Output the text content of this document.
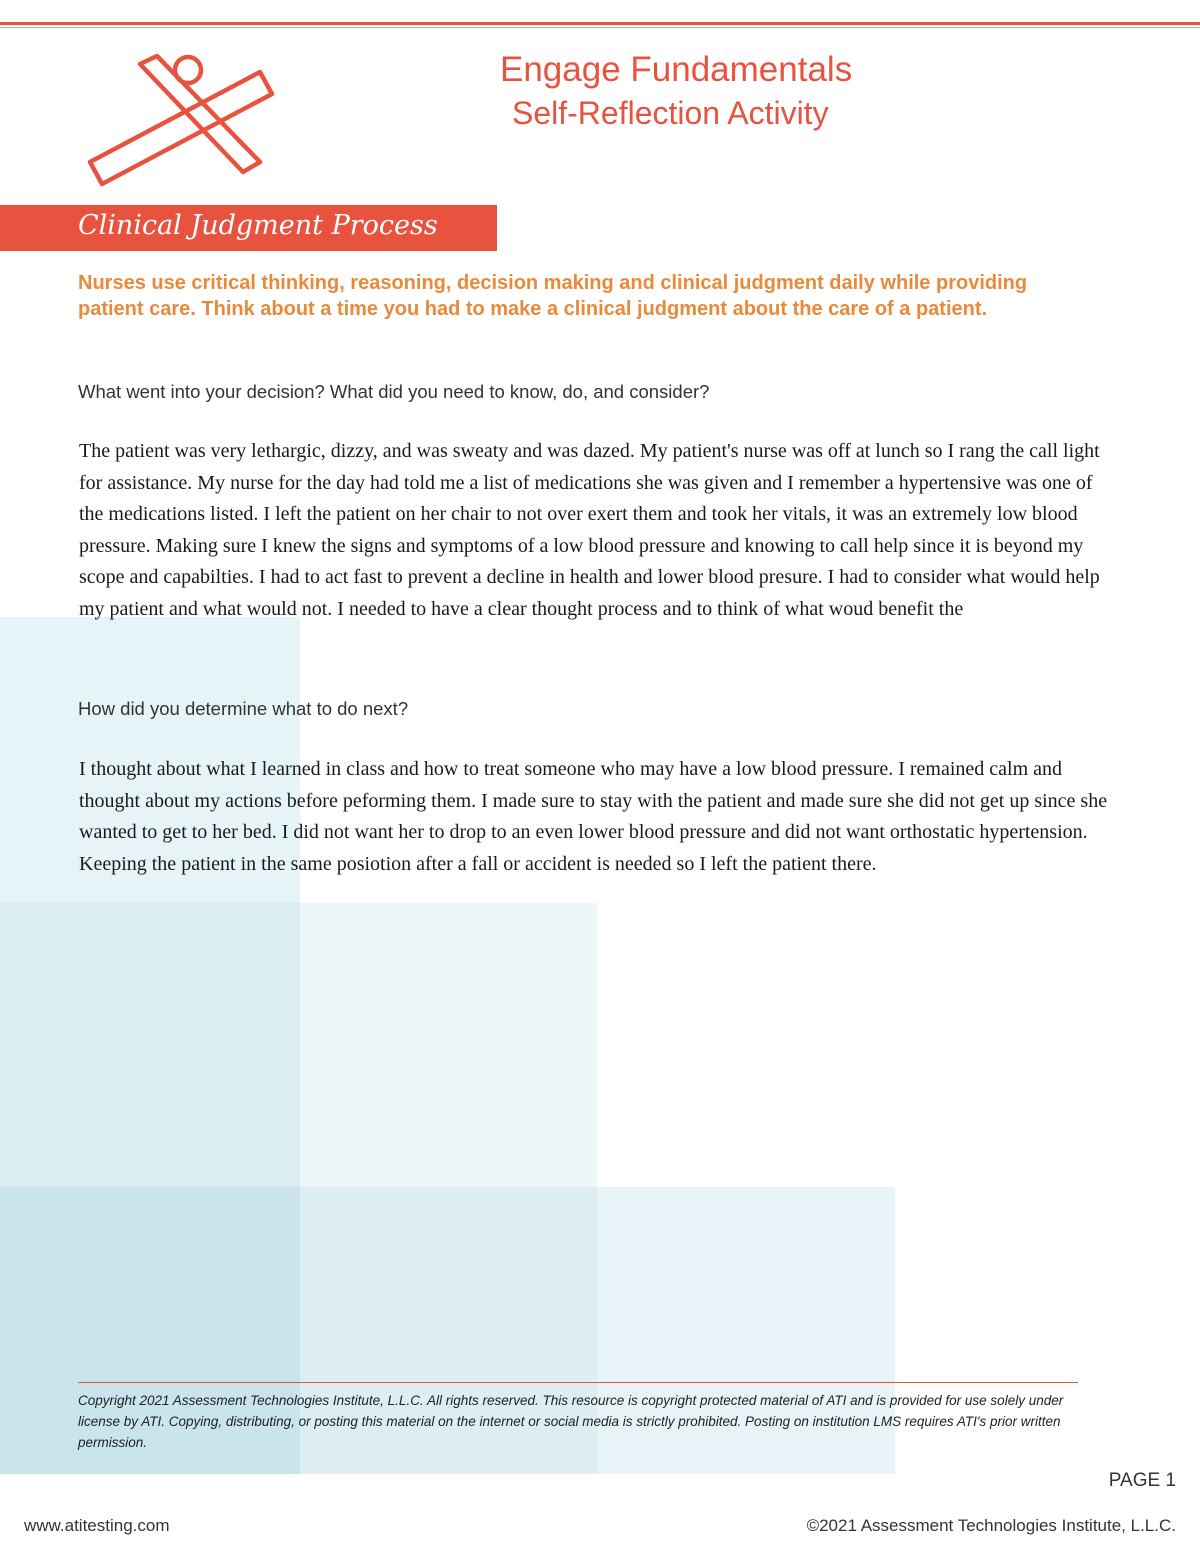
Engage Fundamentals
Self-Reflection Activity
Clinical Judgment Process
Nurses use critical thinking, reasoning, decision making and clinical judgment daily while providing patient care. Think about a time you had to make a clinical judgment about the care of a patient.
What went into your decision? What did you need to know, do, and consider?
The patient was very lethargic, dizzy, and was sweaty and was dazed. My patient's nurse was off at lunch so I rang the call light for assistance. My nurse for the day had told me a list of medications she was given and I remember a hypertensive was one of the medications listed. I left the patient on her chair to not over exert them and took her vitals, it was an extremely low blood pressure. Making sure I knew the signs and symptoms of a low blood pressure and knowing to call help since it is beyond my scope and capabilties. I had to act fast to prevent a decline in health and lower blood presure. I had to consider what would help my patient and what would not. I needed to have a clear thought process and to think of what woud benefit the
How did you determine what to do next?
I thought about what I learned in class and how to treat someone who may have a low blood pressure. I remained calm and thought about my actions before peforming them. I made sure to stay with the patient and made sure she did not get up since she wanted to get to her bed. I did not want her to drop to an even lower blood pressure and did not want orthostatic hypertension. Keeping the patient in the same posiotion after a fall or accident is needed so I left the patient there.
Copyright 2021 Assessment Technologies Institute, L.L.C. All rights reserved. This resource is copyright protected material of ATI and is provided for use solely under license by ATI. Copying, distributing, or posting this material on the internet or social media is strictly prohibited. Posting on institution LMS requires ATI's prior written permission.
PAGE 1
www.atitesting.com	©2021 Assessment Technologies Institute, L.L.C.
